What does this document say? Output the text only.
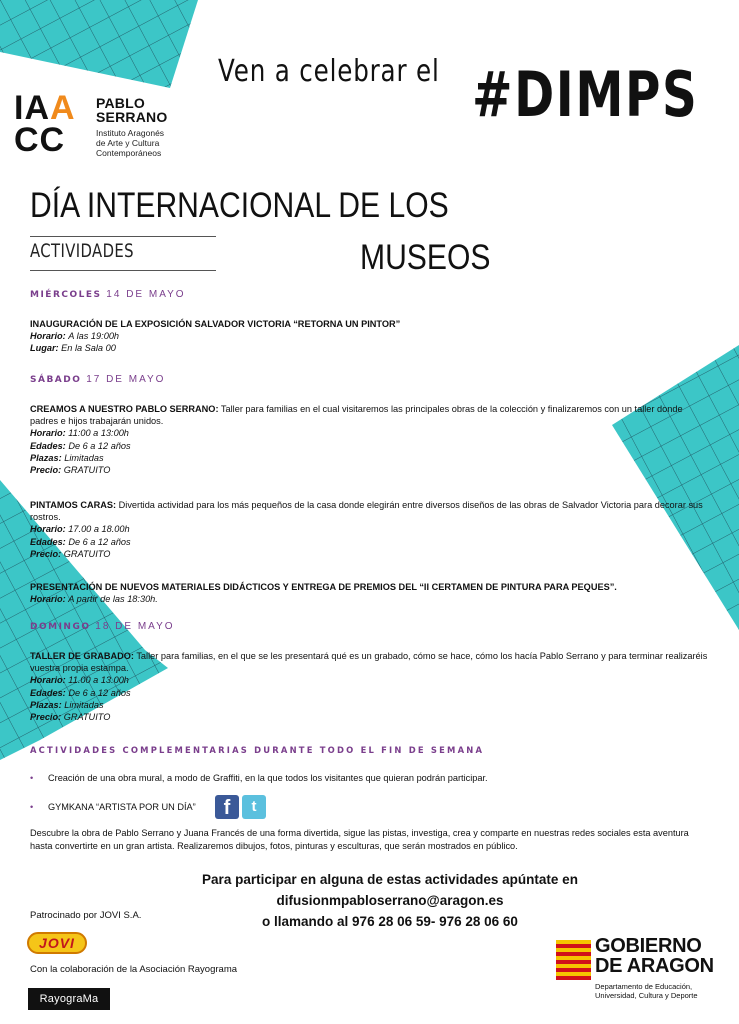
IA A
CC
PABLO
SERRANO
Instituto Aragonés
de Arte y Cultura
Contemporáneos
Ven a celebrar el #DIMPS
DÍA INTERNACIONAL DE LOS
ACTIVIDADES	MUSEOS
MIÉRCOLES 14 DE MAYO
INAUGURACIÓN DE LA EXPOSICIÓN SALVADOR VICTORIA “RETORNA UN PINTOR”
Horario: A las 19:00h
Lugar: En la Sala 00
SÁBADO 17 DE MAYO
CREAMOS A NUESTRO PABLO SERRANO: Taller para familias en el cual visitaremos las principales obras de la colección y finalizaremos con un taller donde padres e hijos trabajarán unidos.
Horario: 11:00 a 13:00h
Edades: De 6 a 12 años
Plazas: Limitadas
Precio: GRATUITO
PINTAMOS CARAS: Divertida actividad para los más pequeños de la casa donde elegirán entre diversos diseños de las obras de Salvador Victoria para decorar sus rostros.
Horario: 17.00 a 18.00h
Edades: De 6 a 12 años
Precio: GRATUITO
PRESENTACIÓN DE NUEVOS MATERIALES DIDÁCTICOS Y ENTREGA DE PREMIOS DEL “II CERTAMEN DE PINTURA PARA PEQUES”.
Horario: A partir de las 18:30h.
DOMINGO 18 DE MAYO
TALLER DE GRABADO: Taller para familias, en el que se les presentará qué es un grabado, cómo se hace, cómo los hacía Pablo Serrano y para terminar realizaréis vuestra propia estampa.
Horario: 11.00 a 13.00h
Edades: De 6 a 12 años
Plazas: Limitadas
Precio: GRATUITO
ACTIVIDADES COMPLEMENTARIAS DURANTE TODO EL FIN DE SEMANA
• Creación de una obra mural, a modo de Graffiti, en la que todos los visitantes que quieran podrán participar.
• GYMKANA “ARTISTA POR UN DÍA”	f	t
Descubre la obra de Pablo Serrano y Juana Francés de una forma divertida, sigue las pistas, investiga, crea y comparte en nuestras redes sociales esta aventura hasta convertirte en un gran artista. Realizaremos dibujos, fotos, pinturas y esculturas, que serán mostrados en público.
Para participar en alguna de estas actividades apúntate en
difusionmpabloserrano@aragon.es
o llamando al 976 28 06 59- 976 28 06 60
Patrocinado por JOVI S.A.
JOVI
Con la colaboración de la Asociación Rayograma
RayograMa
GOBIERNO
DE ARAGON
Departamento de Educación,
Universidad, Cultura y Deporte
